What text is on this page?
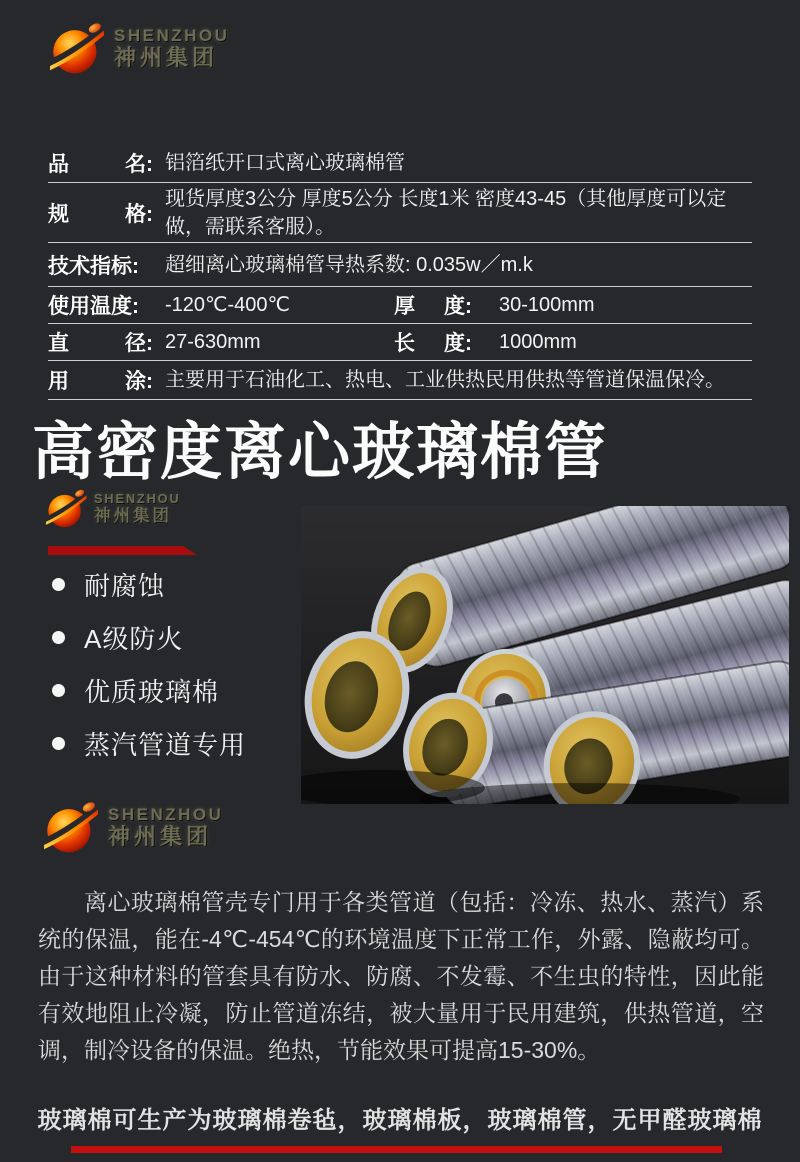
SHENZHOU
神州集团
品	名: 铝箔纸开口式离心玻璃棉管
规	格:
现货厚度3公分 厚度5公分 长度1米 密度43-45（其他厚度可以定做，需联系客服）。
技术指标: 超细离心玻璃棉管导热系数: 0.035w／m.k
使用温度: -120℃-400℃	厚 度: 30-100mm
直	径: 27-630mm	长 度: 1000mm
用	涂: 主要用于石油化工、热电、工业供热民用供热等管道保温保冷。
高密度离心玻璃棉管
SHENZHOU
神州集团
耐腐蚀
A级防火
优质玻璃棉
蒸汽管道专用
SHENZHOU
神州集团

离心玻璃棉管壳专门用于各类管道（包括：冷冻、热水、蒸汽）系统的保温，能在-4℃-454℃的环境温度下正常工作，外露、隐蔽均可。由于这种材料的管套具有防水、防腐、不发霉、不生虫的特性，因此能有效地阻止冷凝，防止管道冻结，被大量用于民用建筑，供热管道，空调，制冷设备的保温。绝热，节能效果可提高15-30%。

玻璃棉可生产为玻璃棉卷毡，玻璃棉板，玻璃棉管，无甲醛玻璃棉
